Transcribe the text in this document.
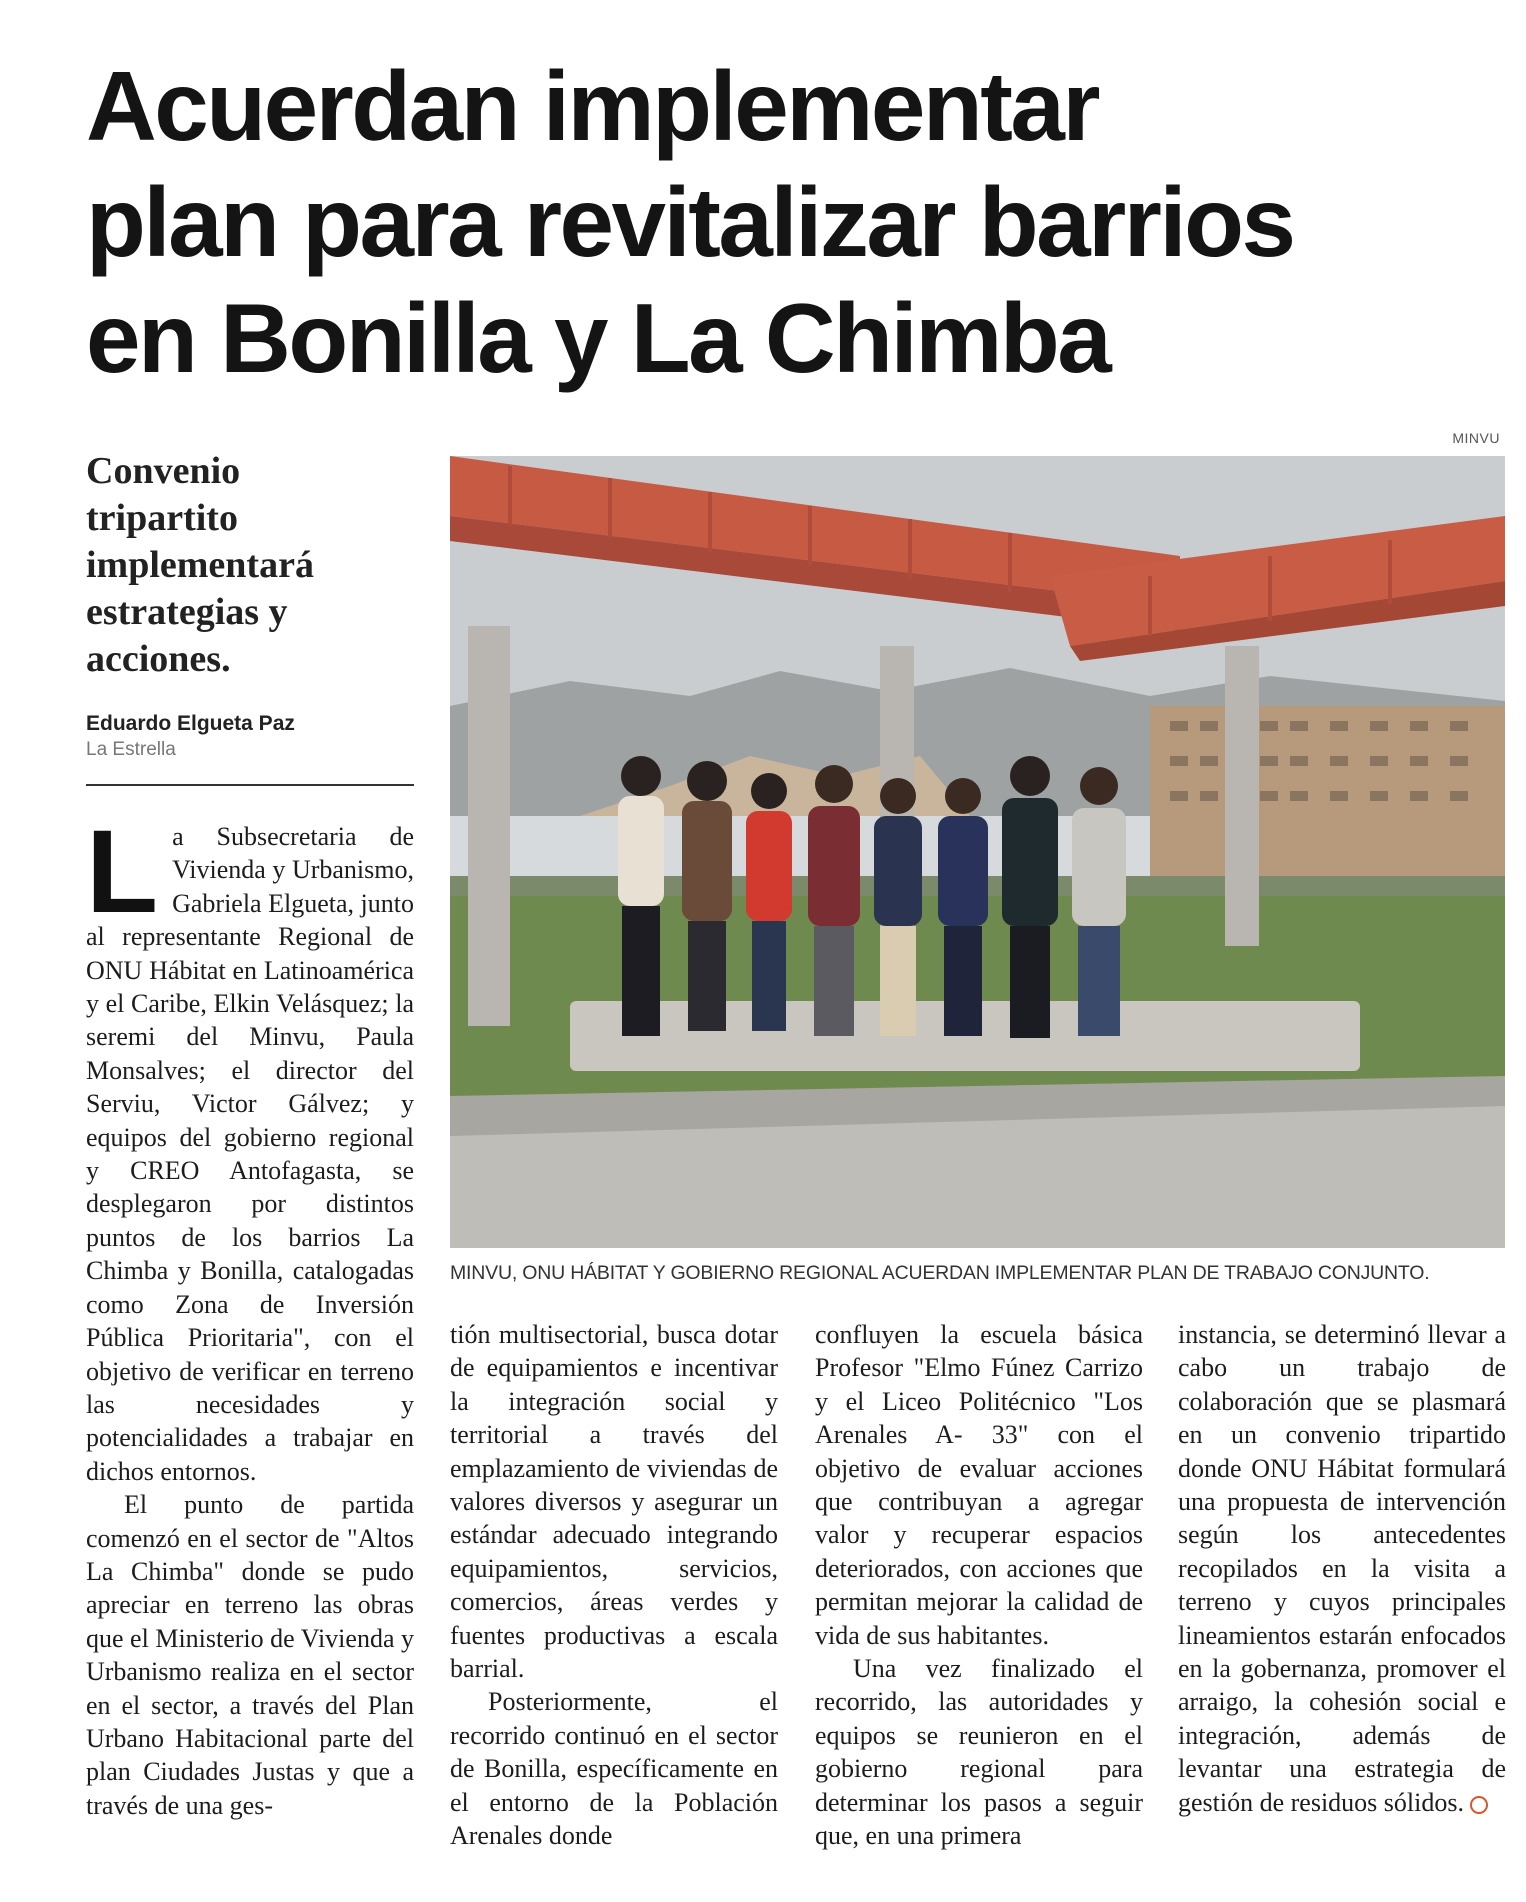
Acuerdan implementar
plan para revitalizar barrios
en Bonilla y La Chimba
Convenio
tripartito
implementará
estrategias y
acciones.
Eduardo Elgueta Paz
La Estrella
MINVU
MINVU, ONU HÁBITAT Y GOBIERNO REGIONAL ACUERDAN IMPLEMENTAR PLAN DE TRABAJO CONJUNTO.
L a Subsecretaria de Vivienda y Urbanismo, Gabriela Elgueta, junto al representante Regional de ONU Hábitat en Latinoamérica y el Caribe, Elkin Velásquez; la seremi del Minvu, Paula Monsalves; el director del Serviu, Victor Gálvez; y equipos del gobierno regional y CREO Antofagasta, se desplegaron por distintos puntos de los barrios La Chimba y Bonilla, catalogadas como Zona de Inversión Pública Prioritaria", con el objetivo de verificar en terreno las necesidades y potencialidades a trabajar en dichos entornos.

El punto de partida comenzó en el sector de "Altos La Chimba" donde se pudo apreciar en terreno las obras que el Ministerio de Vivienda y Urbanismo realiza en el sector en el sector, a través del Plan Urbano Habitacional parte del plan Ciudades Justas y que a través de una ges-

tión multisectorial, busca dotar de equipamientos e incentivar la integración social y territorial a través del emplazamiento de viviendas de valores diversos y asegurar un estándar adecuado integrando equipamientos, servicios, comercios, áreas verdes y fuentes productivas a escala barrial.

Posteriormente, el recorrido continuó en el sector de Bonilla, específicamente en el entorno de la Población Arenales donde

confluyen la escuela básica Profesor "Elmo Fúnez Carrizo y el Liceo Politécnico "Los Arenales A- 33" con el objetivo de evaluar acciones que contribuyan a agregar valor y recuperar espacios deteriorados, con acciones que permitan mejorar la calidad de vida de sus habitantes.

Una vez finalizado el recorrido, las autoridades y equipos se reunieron en el gobierno regional para determinar los pasos a seguir que, en una primera

instancia, se determinó llevar a cabo un trabajo de colaboración que se plasmará en un convenio tripartido donde ONU Hábitat formulará una propuesta de intervención según los antecedentes recopilados en la visita a terreno y cuyos principales lineamientos estarán enfocados en la gobernanza, promover el arraigo, la cohesión social e integración, además de levantar una estrategia de gestión de residuos sólidos.
